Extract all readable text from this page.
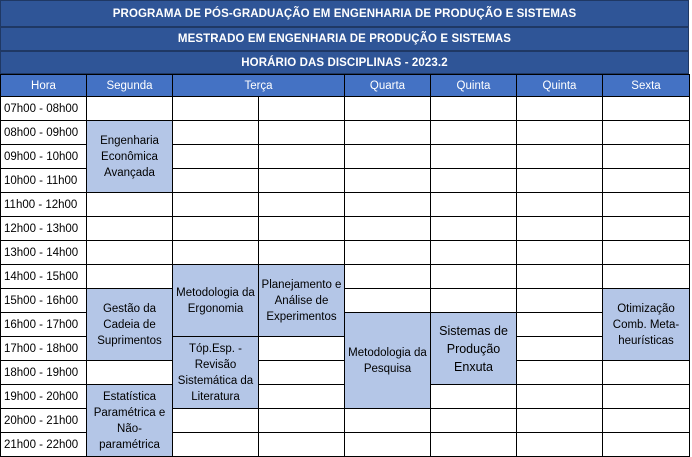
PROGRAMA DE PÓS-GRADUAÇÃO EM ENGENHARIA DE PRODUÇÃO E SISTEMAS
MESTRADO EM ENGENHARIA DE PRODUÇÃO E SISTEMAS
HORÁRIO DAS DISCIPLINAS - 2023.2
Hora	Segunda	Terça		Quarta	Quinta	Quinta	Sexta
07h00 - 08h00							
08h00 - 09h00	Engenharia Econômica Avançada						
09h00 - 10h00							
10h00 - 11h00							
11h00 - 12h00							
12h00 - 13h00							
13h00 - 14h00							
14h00 - 15h00		Metodologia da Ergonomia	Planejamento e Análise de Experimentos				
15h00 - 16h00	Gestão da Cadeia de Suprimentos						Otimização Comb. Meta-heurísticas
16h00 - 17h00				Metodologia da Pesquisa	Sistemas de Produção Enxuta		
17h00 - 18h00		Tóp.Esp. - Revisão Sistemática da Literatura					
18h00 - 19h00							
19h00 - 20h00	Estatística Paramétrica e Não-paramétrica						
20h00 - 21h00							
21h00 - 22h00							
